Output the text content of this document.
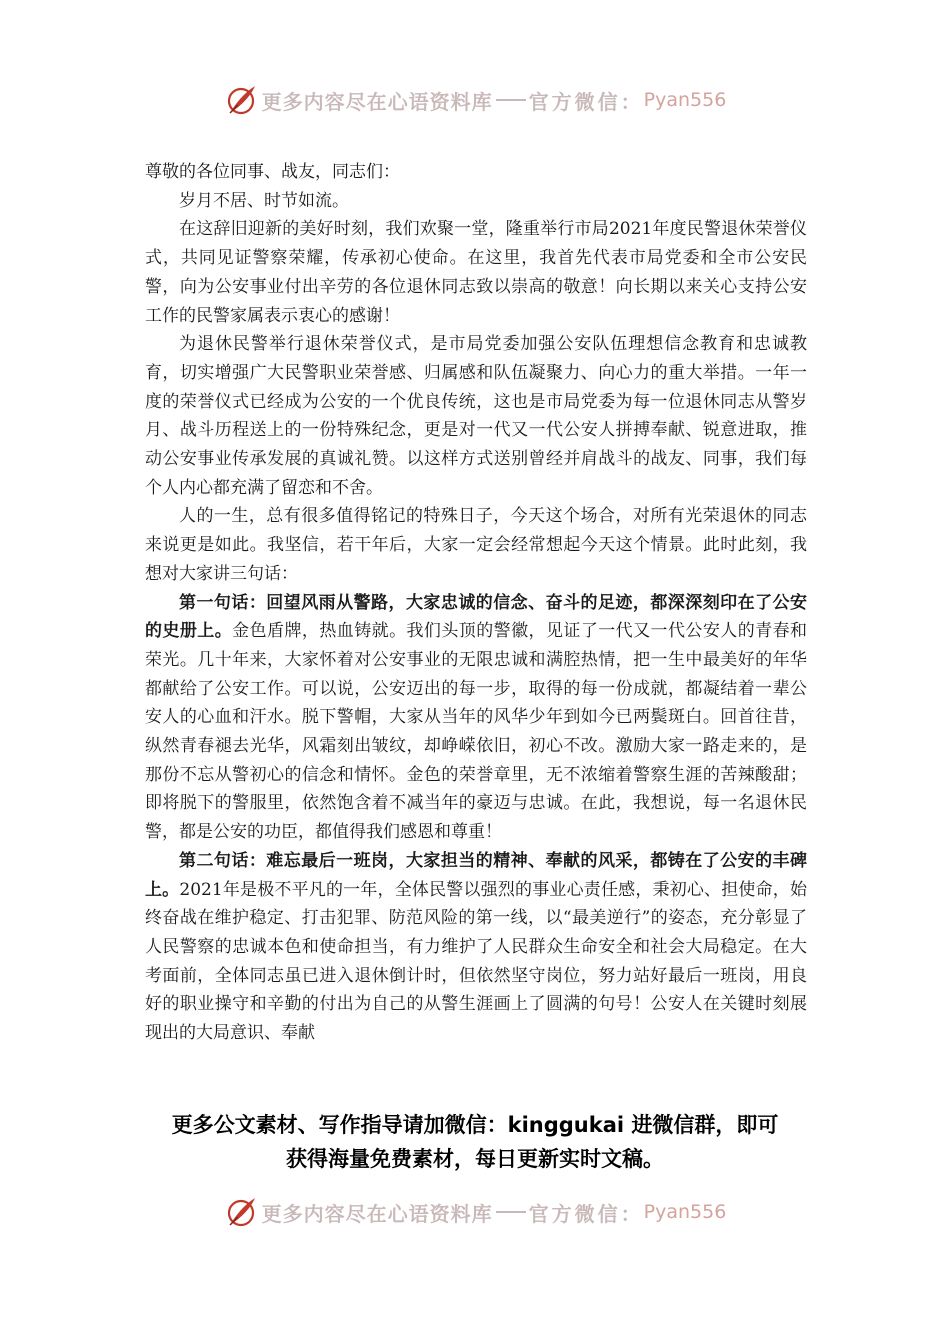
更多内容尽在心语资料库 官方微信： Pyan556

尊敬的各位同事、战友，同志们：

岁月不居、时节如流。

在这辞旧迎新的美好时刻，我们欢聚一堂，隆重举行市局2021年度民警退休荣誉仪式，共同见证警察荣耀，传承初心使命。在这里，我首先代表市局党委和全市公安民警，向为公安事业付出辛劳的各位退休同志致以崇高的敬意！向长期以来关心支持公安工作的民警家属表示衷心的感谢！

为退休民警举行退休荣誉仪式，是市局党委加强公安队伍理想信念教育和忠诚教育，切实增强广大民警职业荣誉感、归属感和队伍凝聚力、向心力的重大举措。一年一度的荣誉仪式已经成为公安的一个优良传统，这也是市局党委为每一位退休同志从警岁月、战斗历程送上的一份特殊纪念，更是对一代又一代公安人拼搏奉献、锐意进取，推动公安事业传承发展的真诚礼赞。以这样方式送别曾经并肩战斗的战友、同事，我们每个人内心都充满了留恋和不舍。

人的一生，总有很多值得铭记的特殊日子，今天这个场合，对所有光荣退休的同志来说更是如此。我坚信，若干年后，大家一定会经常想起今天这个情景。此时此刻，我想对大家讲三句话：

第一句话：回望风雨从警路，大家忠诚的信念、奋斗的足迹，都深深刻印在了公安的史册上。金色盾牌，热血铸就。我们头顶的警徽，见证了一代又一代公安人的青春和荣光。几十年来，大家怀着对公安事业的无限忠诚和满腔热情，把一生中最美好的年华都献给了公安工作。可以说，公安迈出的每一步，取得的每一份成就，都凝结着一辈公安人的心血和汗水。脱下警帽，大家从当年的风华少年到如今已两鬓斑白。回首往昔，纵然青春褪去光华，风霜刻出皱纹，却峥嵘依旧，初心不改。激励大家一路走来的，是那份不忘从警初心的信念和情怀。金色的荣誉章里，无不浓缩着警察生涯的苦辣酸甜；即将脱下的警服里，依然饱含着不减当年的豪迈与忠诚。在此，我想说，每一名退休民警，都是公安的功臣，都值得我们感恩和尊重！

第二句话：难忘最后一班岗，大家担当的精神、奉献的风采，都铸在了公安的丰碑上。2021年是极不平凡的一年，全体民警以强烈的事业心责任感，秉初心、担使命，始终奋战在维护稳定、打击犯罪、防范风险的第一线，以“最美逆行”的姿态，充分彰显了人民警察的忠诚本色和使命担当，有力维护了人民群众生命安全和社会大局稳定。在大考面前，全体同志虽已进入退休倒计时，但依然坚守岗位，努力站好最后一班岗，用良好的职业操守和辛勤的付出为自己的从警生涯画上了圆满的句号！公安人在关键时刻展现出的大局意识、奉献

更多公文素材、写作指导请加微信：kinggukai 进微信群，即可
获得海量免费素材，每日更新实时文稿。
更多内容尽在心语资料库 官方微信： Pyan556
